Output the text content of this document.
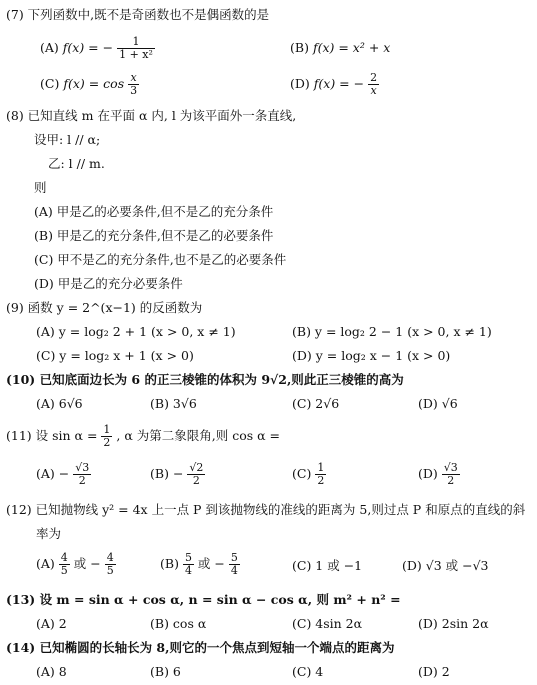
(7) 下列函数中,既不是奇函数也不是偶函数的是
(A) f(x) = − $\frac{1}{\text{1 + x²}}$	(B) f(x) = x² + x
(C) $f(x) = \cos \frac{x}{3}$	(D) f(x) = − $\frac{2}{x}$
(8) 已知直线 m 在平面 α 内, l 为该平面外一条直线,
设甲: l // α;
乙: l // m.
则
(A) 甲是乙的必要条件,但不是乙的充分条件
(B) 甲是乙的充分条件,但不是乙的必要条件
(C) 甲不是乙的充分条件,也不是乙的必要条件
(D) 甲是乙的充分必要条件
(9) 函数 y = 2^(x−1) 的反函数为
(A) y = log₂ 2 + 1 (x > 0, x ≠ 1)	(B) y = log₂ 2 − 1 (x > 0, x ≠ 1)
(C) y = log₂ x + 1 (x > 0)	(D) y = log₂ x − 1 (x > 0)
(10) 已知底面边长为 6 的正三棱锥的体积为 9√2,则此正三棱锥的高为
(A) 6√6	(B) 3√6	(C) 2√6	(D) √6
(11) 设 $\sin \alpha = \frac{1}{2}$ , α 为第二象限角,则 cos α =
$(A) - \frac{√3}{2}$	$(B) - \frac{√2}{2}$	$(C) \frac{1}{2}$	$(D) \frac{√3}{2}$
(12) 已知抛物线 y² = 4x 上一点 P 到该抛物线的准线的距离为 5,则过点 P 和原点的直线的斜
率为
$(A) \frac{4}{5}$ 或 − $\frac{4}{5}$	$(B) \frac{5}{4}$ 或 − $\frac{5}{4}$	(C) 1 或 −1	(D) √3 或 −√3
(13) 设 m = sin α + cos α, n = sin α − cos α, 则 m² + n² =
(A) 2	(B) cos α	(C) 4sin 2α	(D) 2sin 2α
(14) 已知椭圆的长轴长为 8,则它的一个焦点到短轴一个端点的距离为
(A) 8	(B) 6	(C) 4	(D) 2
